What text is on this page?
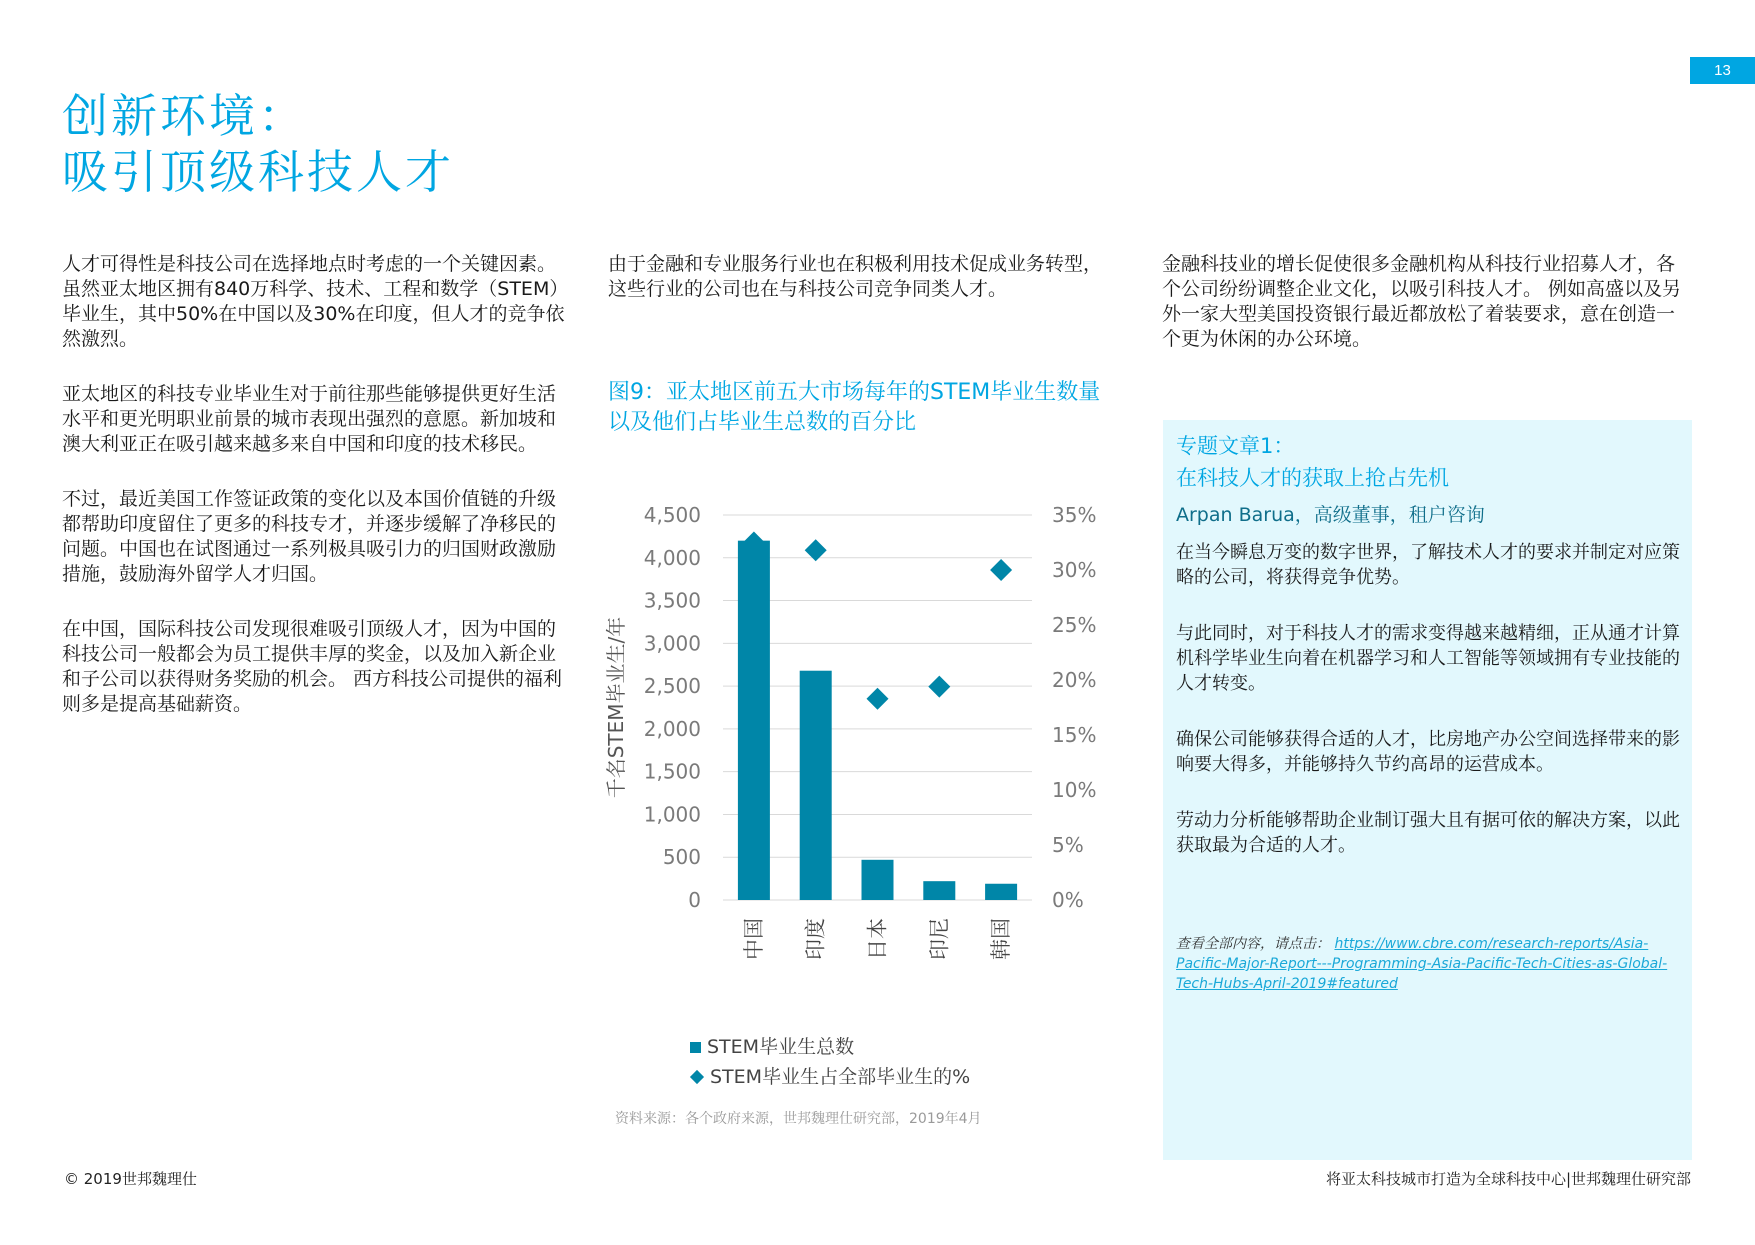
13
创新环境：
吸引顶级科技人才

人才可得性是科技公司在选择地点时考虑的一个关键因素。虽然亚太地区拥有840万科学、技术、工程和数学（STEM）毕业生，其中50%在中国以及30%在印度，但人才的竞争依然激烈。

亚太地区的科技专业毕业生对于前往那些能够提供更好生活水平和更光明职业前景的城市表现出强烈的意愿。新加坡和澳大利亚正在吸引越来越多来自中国和印度的技术移民。

不过，最近美国工作签证政策的变化以及本国价值链的升级都帮助印度留住了更多的科技专才，并逐步缓解了净移民的问题。中国也在试图通过一系列极具吸引力的归国财政激励措施，鼓励海外留学人才归国。

在中国，国际科技公司发现很难吸引顶级人才，因为中国的科技公司一般都会为员工提供丰厚的奖金，以及加入新企业和子公司以获得财务奖励的机会。 西方科技公司提供的福利则多是提高基础薪资。

由于金融和专业服务行业也在积极利用技术促成业务转型，这些行业的公司也在与科技公司竞争同类人才。

图9：亚太地区前五大市场每年的STEM毕业生数量以及他们占毕业生总数的百分比
0
500
1,000
1,500
2,000
2,500
3,000
3,500
4,000
4,500
0%
5%
10%
15%
20%
25%
30%
35%
千名STEM毕业生/年
中国 印度 日本 印尼 韩国
STEM毕业生总数
STEM毕业生占全部毕业生的%
资料来源：各个政府来源，世邦魏理仕研究部，2019年4月

金融科技业的增长促使很多金融机构从科技行业招募人才，各个公司纷纷调整企业文化，以吸引科技人才。 例如高盛以及另外一家大型美国投资银行最近都放松了着装要求，意在创造一个更为休闲的办公环境。

专题文章1：
在科技人才的获取上抢占先机
Arpan Barua，高级董事，租户咨询

在当今瞬息万变的数字世界，了解技术人才的要求并制定对应策略的公司，将获得竞争优势。

与此同时，对于科技人才的需求变得越来越精细，正从通才计算机科学毕业生向着在机器学习和人工智能等领域拥有专业技能的人才转变。

确保公司能够获得合适的人才，比房地产办公空间选择带来的影响要大得多，并能够持久节约高昂的运营成本。

劳动力分析能够帮助企业制订强大且有据可依的解决方案，以此获取最为合适的人才。

查看全部内容，请点击： https://www.cbre.com/research-reports/Asia-Pacific-Major-Report---Programming-Asia-Pacific-Tech-Cities-as-Global-Tech-Hubs-April-2019#featured
© 2019世邦魏理仕	将亚太科技城市打造为全球科技中心|世邦魏理仕研究部
